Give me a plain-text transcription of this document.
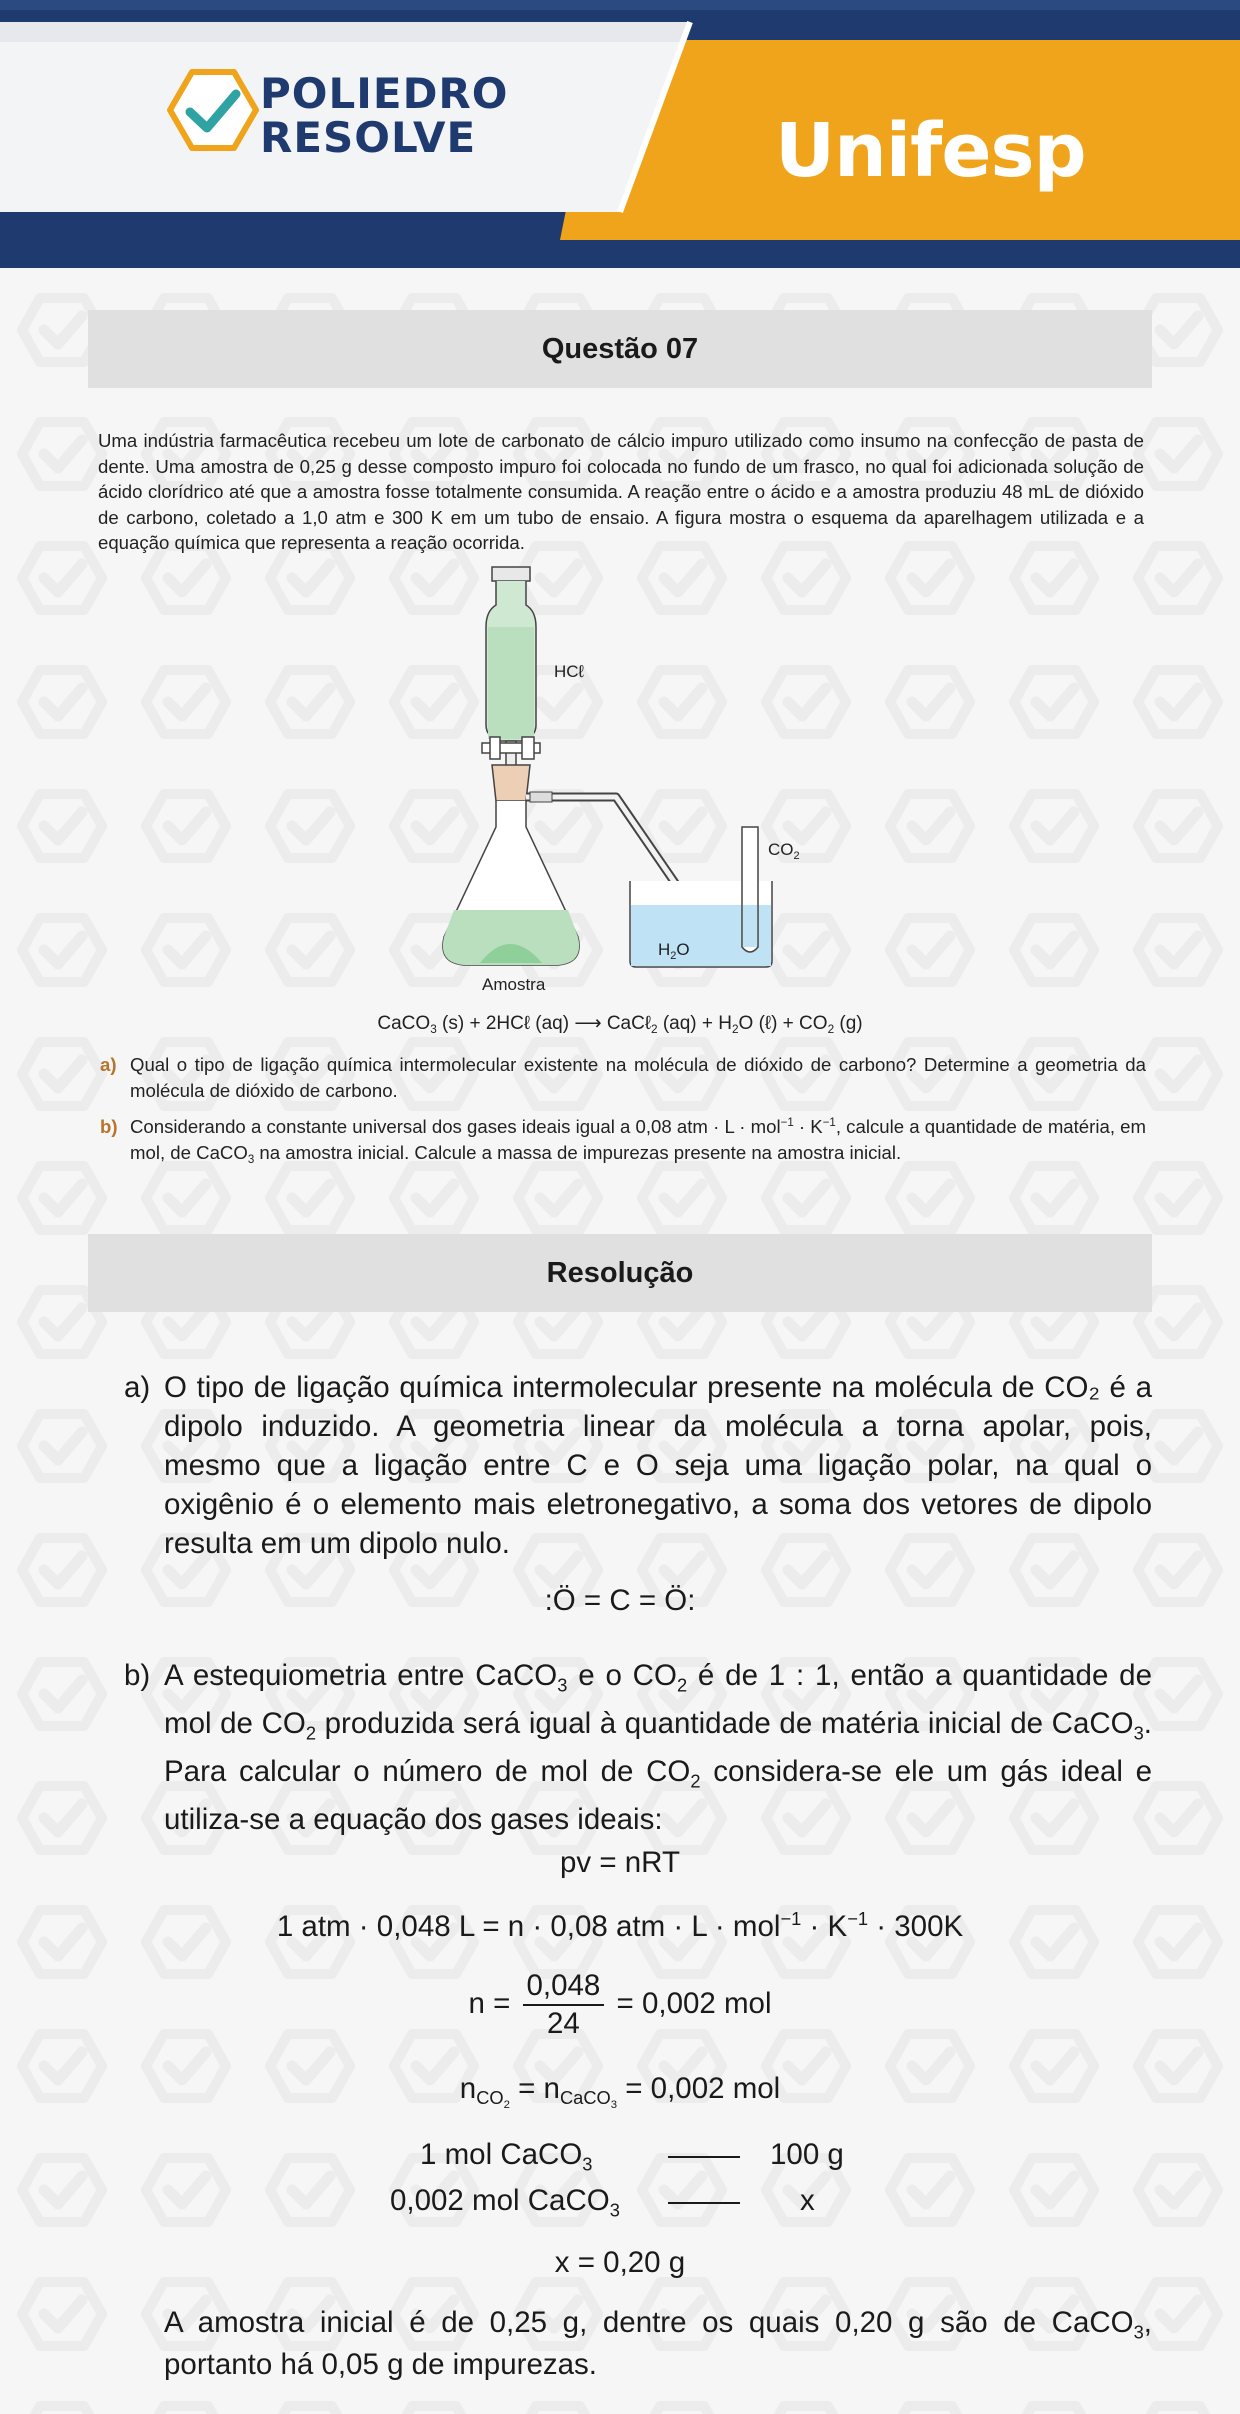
POLIEDRO
RESOLVE	Unifesp
Questão 07
Uma indústria farmacêutica recebeu um lote de carbonato de cálcio impuro utilizado como insumo na confecção de pasta de dente. Uma amostra de 0,25 g desse composto impuro foi colocada no fundo de um frasco, no qual foi adicionada solução de ácido clorídrico até que a amostra fosse totalmente consumida. A reação entre o ácido e a amostra produziu 48 mL de dióxido de carbono, coletado a 1,0 atm e 300 K em um tubo de ensaio. A figura mostra o esquema da aparelhagem utilizada e a equação química que representa a reação ocorrida.
HCℓ
$CO_2$
$H_2O$
Amostra
CaCO$_3$ (s) + 2HCℓ (aq) ⟶ CaCℓ$_2$ $(aq) + H_2O$ (ℓ) + $CO_2$ (g)
a) Qual o tipo de ligação química intermolecular existente na molécula de dióxido de carbono? Determine a geometria da molécula de dióxido de carbono.
b) Considerando a constante universal dos gases ideais igual a 0,08 atm · $L \cdot mol^{-1} \cdot K^{-1}$, calcule a quantidade de matéria, em mol, de CaCO$_3$ na amostra inicial. Calcule a massa de impurezas presente na amostra inicial.
Resolução
a) O tipo de ligação química intermolecular presente na molécula de CO₂ é a dipolo induzido. A geometria linear da molécula a torna apolar, pois, mesmo que a ligação entre C e O seja uma ligação polar, na qual o oxigênio é o elemento mais eletronegativo, a soma dos vetores de dipolo resulta em um dipolo nulo.
:Ö = C = Ö:
b) A estequiometria entre CaCO$_3$ e o $CO_2$ é de 1 : 1, então a quantidade de mol de $CO_2$ produzida será igual à quantidade de matéria inicial de CaCO$_3$. Para calcular o número de mol de $CO_2$ considera-se ele um gás ideal e utiliza-se a equação dos gases ideais:
pv = nRT
1 atm · 0,048 L = n · 0,08 atm · $L \cdot mol^{-1} \cdot K^{-1} \cdot 300K$
$n = \frac{0,048}{24} = 0,002$ mol
$n_{CO_2} = n_{CaCO_3} = 0,002$ mol
1 mol CaCO$_3$	100 g
0,002 mol CaCO$_3$	x
x = 0,20 g
A amostra inicial é de 0,25 g, dentre os quais 0,20 g são de CaCO$_3$, portanto há 0,05 g de impurezas.
